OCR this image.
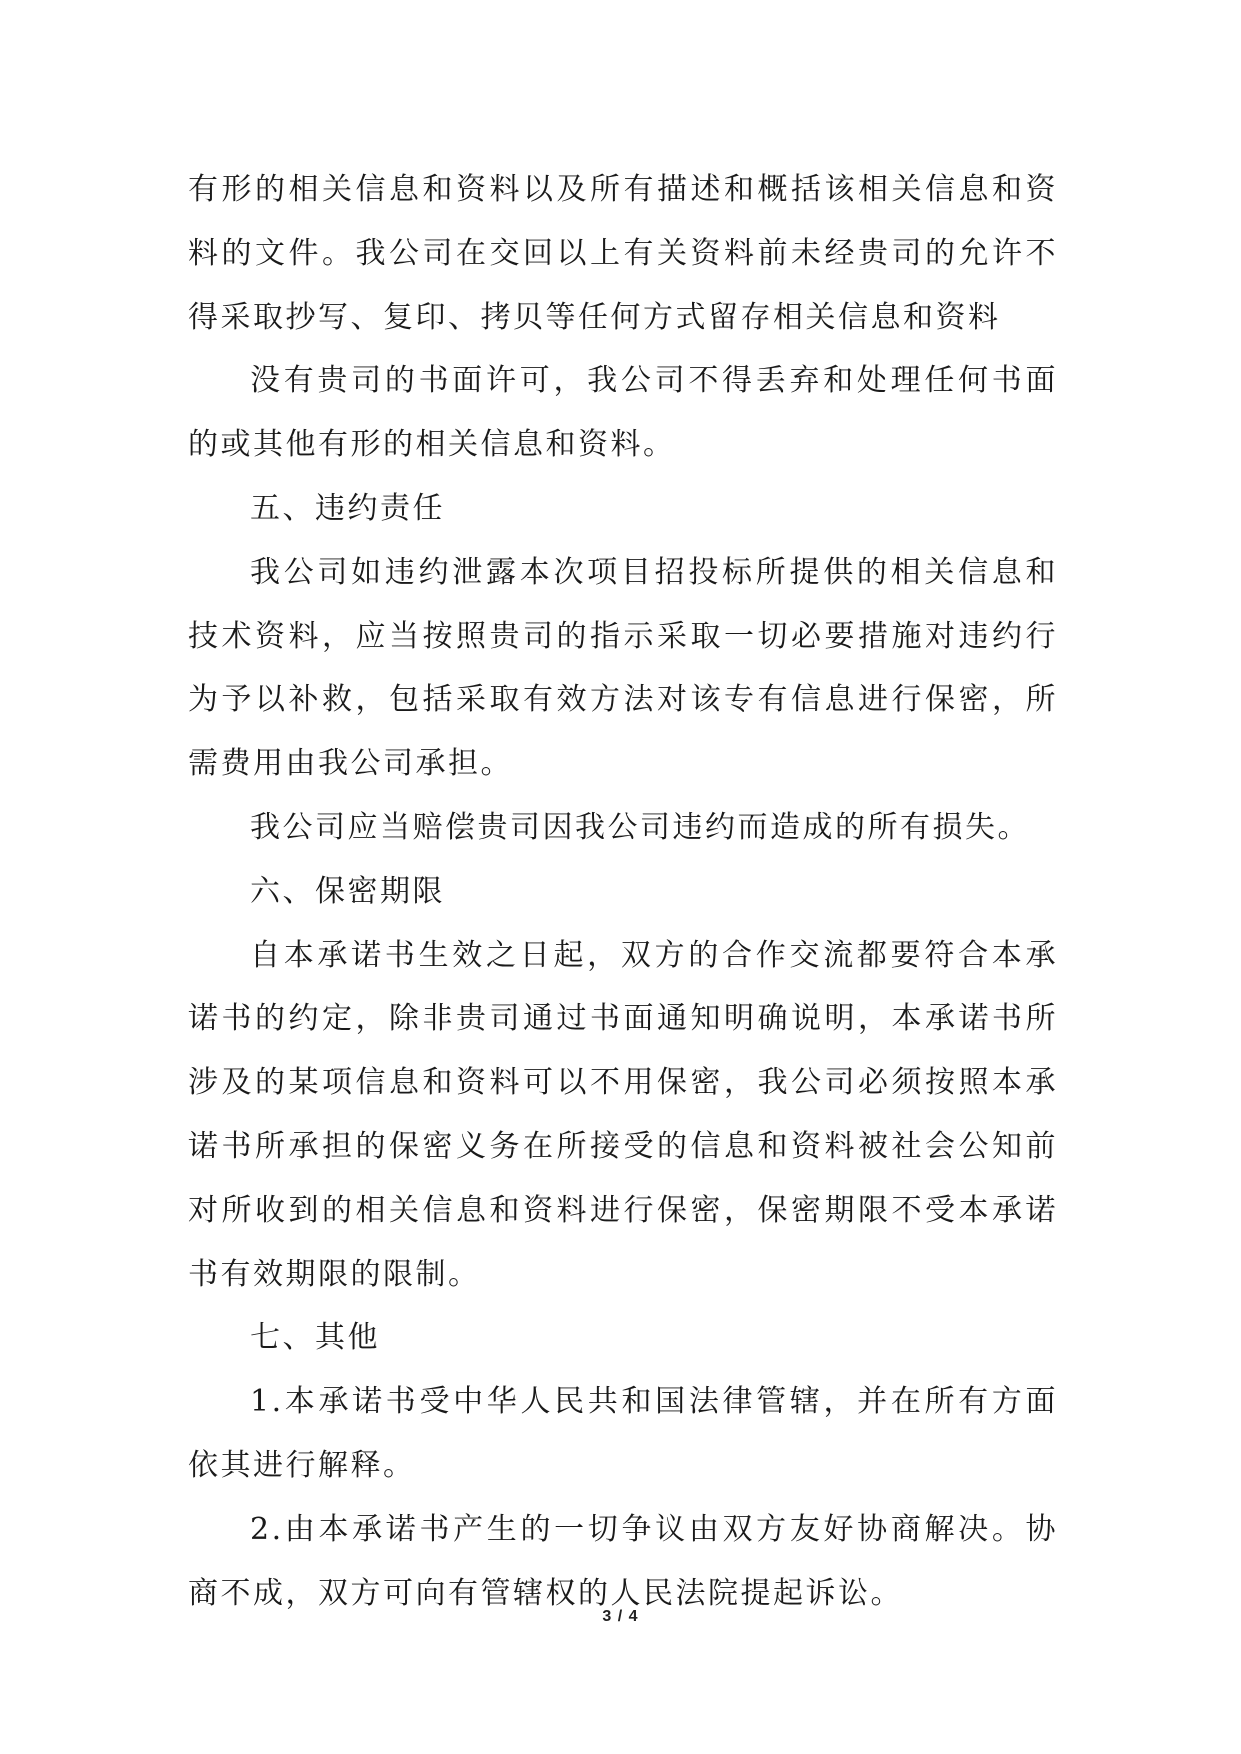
有形的相关信息和资料以及所有描述和概括该相关信息和资料的文件。我公司在交回以上有关资料前未经贵司的允许不得采取抄写、复印、拷贝等任何方式留存相关信息和资料

没有贵司的书面许可，我公司不得丢弃和处理任何书面的或其他有形的相关信息和资料。

五、违约责任

我公司如违约泄露本次项目招投标所提供的相关信息和技术资料，应当按照贵司的指示采取一切必要措施对违约行为予以补救，包括采取有效方法对该专有信息进行保密，所需费用由我公司承担。

我公司应当赔偿贵司因我公司违约而造成的所有损失。

六、保密期限

自本承诺书生效之日起，双方的合作交流都要符合本承诺书的约定，除非贵司通过书面通知明确说明，本承诺书所涉及的某项信息和资料可以不用保密，我公司必须按照本承诺书所承担的保密义务在所接受的信息和资料被社会公知前对所收到的相关信息和资料进行保密，保密期限不受本承诺书有效期限的限制。

七、其他

1.本承诺书受中华人民共和国法律管辖，并在所有方面依其进行解释。

2.由本承诺书产生的一切争议由双方友好协商解决。协商不成，双方可向有管辖权的人民法院提起诉讼。

3 / 4
